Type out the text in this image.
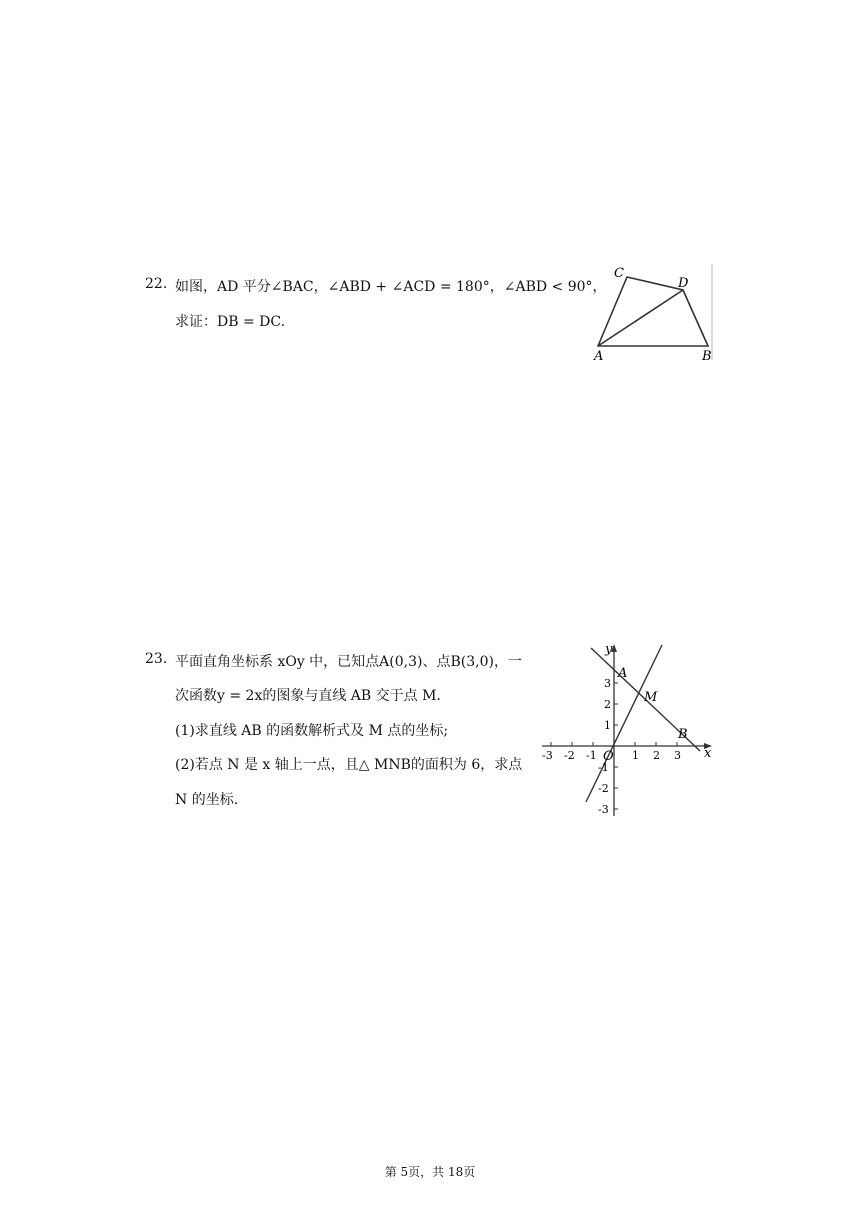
22. 如图，AD 平分∠BAC，∠ABD + ∠ACD = 180°，∠ABD < 90°，
求证：DB = DC.
C
D
A	B
23. 平面直角坐标系 xOy 中，已知点A(0,3)、点B(3,0)，一
次函数y = 2x的图象与直线 AB 交于点 M.
(1)求直线 AB 的函数解析式及 M 点的坐标;
(2)若点 N 是 x 轴上一点，且△ MNB的面积为 6，求点
N 的坐标.
y
x
O
-3 -2 -1	1 2 3
3
2
1
-1
-2
-3
A
M
B
第 5页，共 18页
